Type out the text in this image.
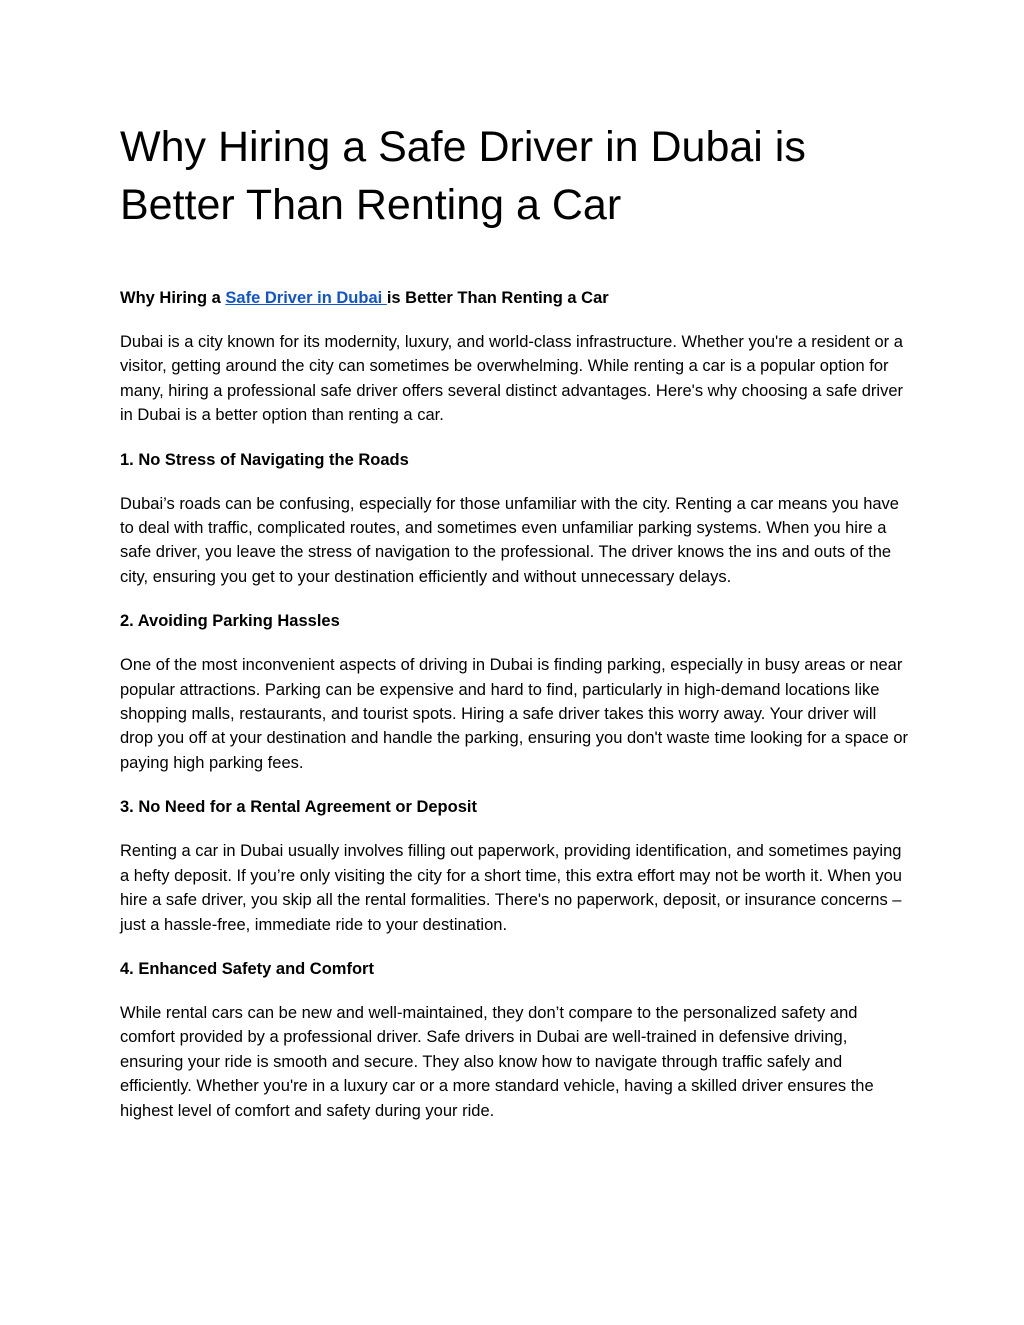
Why Hiring a Safe Driver in Dubai is Better Than Renting a Car

Why Hiring a Safe Driver in Dubai is Better Than Renting a Car

Dubai is a city known for its modernity, luxury, and world-class infrastructure. Whether you're a resident or a visitor, getting around the city can sometimes be overwhelming. While renting a car is a popular option for many, hiring a professional safe driver offers several distinct advantages. Here's why choosing a safe driver in Dubai is a better option than renting a car.

1. No Stress of Navigating the Roads

Dubai’s roads can be confusing, especially for those unfamiliar with the city. Renting a car means you have to deal with traffic, complicated routes, and sometimes even unfamiliar parking systems. When you hire a safe driver, you leave the stress of navigation to the professional. The driver knows the ins and outs of the city, ensuring you get to your destination efficiently and without unnecessary delays.

2. Avoiding Parking Hassles

One of the most inconvenient aspects of driving in Dubai is finding parking, especially in busy areas or near popular attractions. Parking can be expensive and hard to find, particularly in high-demand locations like shopping malls, restaurants, and tourist spots. Hiring a safe driver takes this worry away. Your driver will drop you off at your destination and handle the parking, ensuring you don't waste time looking for a space or paying high parking fees.

3. No Need for a Rental Agreement or Deposit

Renting a car in Dubai usually involves filling out paperwork, providing identification, and sometimes paying a hefty deposit. If you’re only visiting the city for a short time, this extra effort may not be worth it. When you hire a safe driver, you skip all the rental formalities. There's no paperwork, deposit, or insurance concerns – just a hassle-free, immediate ride to your destination.

4. Enhanced Safety and Comfort

While rental cars can be new and well-maintained, they don’t compare to the personalized safety and comfort provided by a professional driver. Safe drivers in Dubai are well-trained in defensive driving, ensuring your ride is smooth and secure. They also know how to navigate through traffic safely and efficiently. Whether you're in a luxury car or a more standard vehicle, having a skilled driver ensures the highest level of comfort and safety during your ride.
